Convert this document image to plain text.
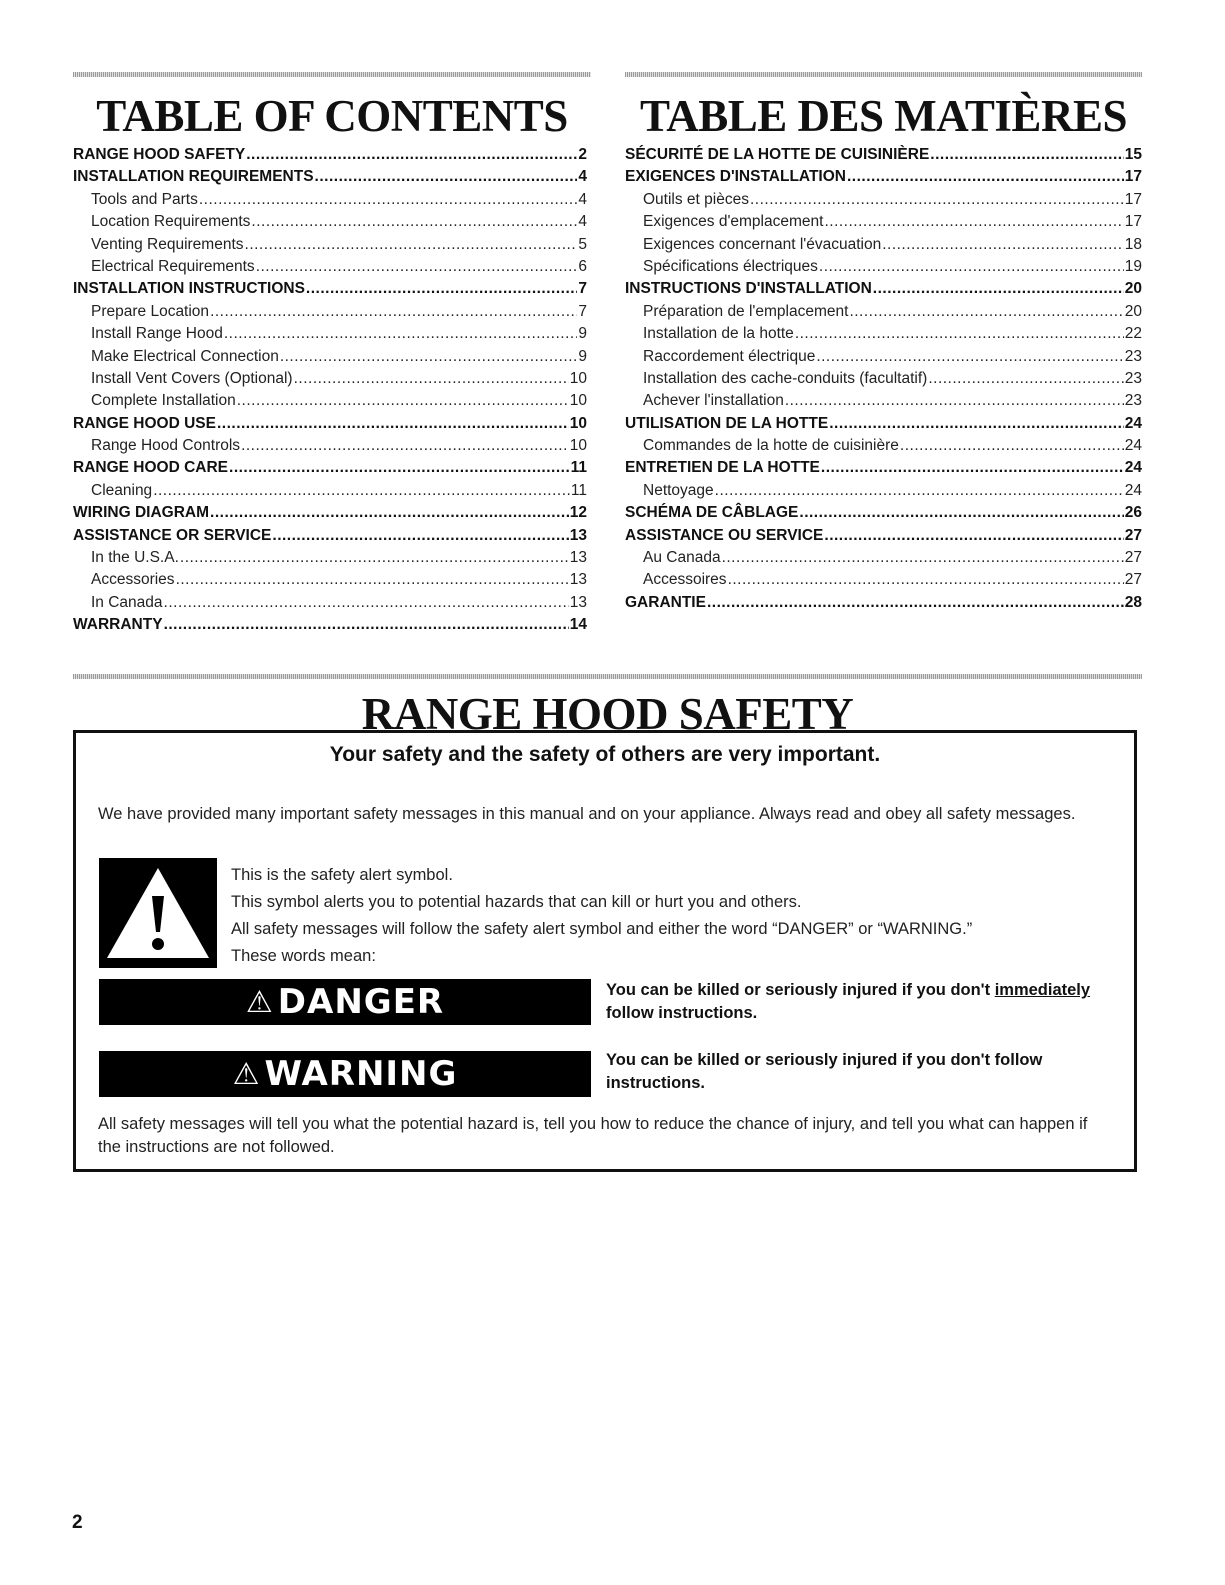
TABLE OF CONTENTS	TABLE DES MATIÈRES
RANGE HOOD SAFETY .....	2
INSTALLATION REQUIREMENTS .....	4
Tools and Parts .....	4
Location Requirements .....	4
Venting Requirements .....	5
Electrical Requirements .....	6
INSTALLATION INSTRUCTIONS .....	7
Prepare Location .....	7
Install Range Hood .....	9
Make Electrical Connection .....	9
Install Vent Covers (Optional) .....	10
Complete Installation .....	10
RANGE HOOD USE .....	10
Range Hood Controls .....	10
RANGE HOOD CARE .....	11
Cleaning .....	11
WIRING DIAGRAM .....	12
ASSISTANCE OR SERVICE .....	13
In the U.S.A. .....	13
Accessories .....	13
In Canada .....	13
WARRANTY .....	14
SÉCURITÉ DE LA HOTTE DE CUISINIÈRE .....	15
EXIGENCES D'INSTALLATION .....	17
Outils et pièces .....	17
Exigences d'emplacement .....	17
Exigences concernant l'évacuation .....	18
Spécifications électriques .....	19
INSTRUCTIONS D'INSTALLATION .....	20
Préparation de l'emplacement .....	20
Installation de la hotte .....	22
Raccordement électrique .....	23
Installation des cache-conduits (facultatif) .....	23
Achever l'installation .....	23
UTILISATION DE LA HOTTE .....	24
Commandes de la hotte de cuisinière .....	24
ENTRETIEN DE LA HOTTE .....	24
Nettoyage .....	24
SCHÉMA DE CÂBLAGE .....	26
ASSISTANCE OU SERVICE .....	27
Au Canada .....	27
Accessoires .....	27
GARANTIE .....	28
RANGE HOOD SAFETY
Your safety and the safety of others are very important.
We have provided many important safety messages in this manual and on your appliance. Always read and obey all safety messages.
This is the safety alert symbol.
This symbol alerts you to potential hazards that can kill or hurt you and others.
All safety messages will follow the safety alert symbol and either the word “DANGER” or “WARNING.”
These words mean:
⚠ DANGER	You can be killed or seriously injured if you don't immediately follow instructions.
⚠ WARNING	You can be killed or seriously injured if you don't follow instructions.
All safety messages will tell you what the potential hazard is, tell you how to reduce the chance of injury, and tell you what can happen if the instructions are not followed.
2
